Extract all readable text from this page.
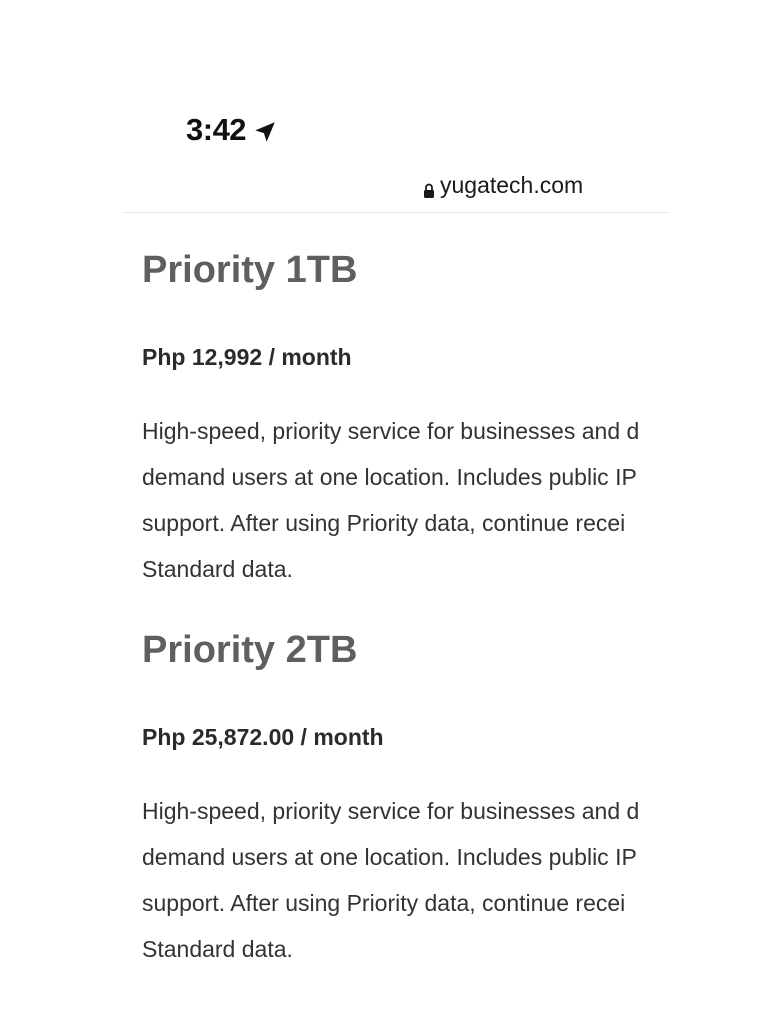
3:42
yugatech.com
Priority 1TB

Php 12,992 / month

High-speed, priority service for businesses and d
demand users at one location. Includes public IP
support. After using Priority data, continue recei
Standard data.
Priority 2TB

Php 25,872.00 / month

High-speed, priority service for businesses and d
demand users at one location. Includes public IP
support. After using Priority data, continue recei
Standard data.
